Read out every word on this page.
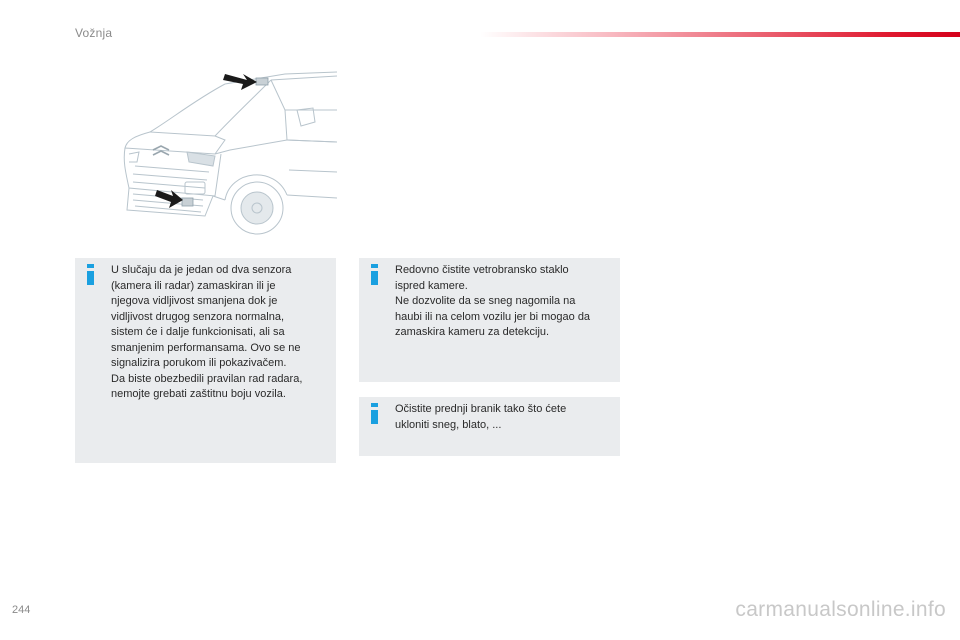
Vožnja

U slučaju da je jedan od dva senzora

(kamera ili radar) zamaskiran ili je

njegova vidljivost smanjena dok je

vidljivost drugog senzora normalna,

sistem će i dalje funkcionisati, ali sa

smanjenim performansama. Ovo se ne

signalizira porukom ili pokazivačem.

Da biste obezbedili pravilan rad radara,

nemojte grebati zaštitnu boju vozila.

Redovno čistite vetrobransko staklo

ispred kamere.

Ne dozvolite da se sneg nagomila na

haubi ili na celom vozilu jer bi mogao da

zamaskira kameru za detekciju.

Očistite prednji branik tako što ćete

ukloniti sneg, blato, ...

244	carmanualsonline.info
